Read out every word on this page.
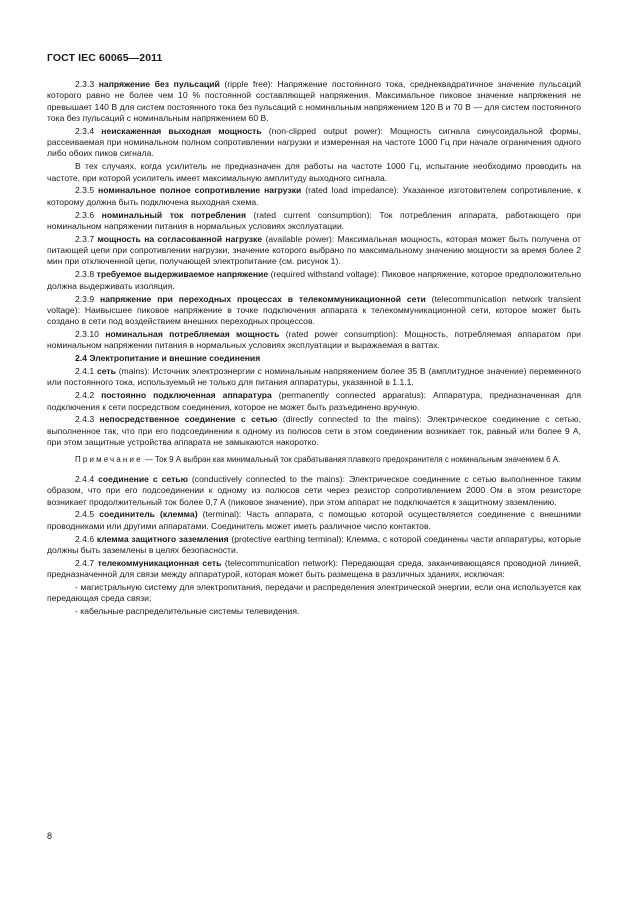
ГОСТ IEC 60065—2011

2.3.3 напряжение без пульсаций (ripple free): Напряжение постоянного тока, среднеквадратичное значение пульсаций которого равно не более чем 10 % постоянной составляющей напряжения. Максимальное пиковое значение напряжения не превышает 140 В для систем постоянного тока без пульсаций с номинальным напряжением 120 В и 70 В — для систем постоянного тока без пульсаций с номинальным напряжением 60 В.

2.3.4 неискаженная выходная мощность (non-clipped output power): Мощность сигнала синусоидальной формы, рассеиваемая при номинальном полном сопротивлении нагрузки и измеренная на частоте 1000 Гц при начале ограничения одного либо обоих пиков сигнала.

В тех случаях, когда усилитель не предназначен для работы на частоте 1000 Гц, испытание необходимо проводить на частоте, при которой усилитель имеет максимальную амплитуду выходного сигнала.

2.3.5 номинальное полное сопротивление нагрузки (rated load impedance): Указанное изготовителем сопротивление, к которому должна быть подключена выходная схема.

2.3.6 номинальный ток потребления (rated current consumption): Ток потребления аппарата, работающего при номинальном напряжении питания в нормальных условиях эксплуатации.

2.3.7 мощность на согласованной нагрузке (available power): Максимальная мощность, которая может быть получена от питающей цепи при сопротивлении нагрузки, значение которого выбрано по максимальному значению мощности за время более 2 мин при отключенной цепи, получающей электропитание (см. рисунок 1).

2.3.8 требуемое выдерживаемое напряжение (required withstand voltage): Пиковое напряжение, которое предположительно должна выдерживать изоляция.

2.3.9 напряжение при переходных процессах в телекоммуникационной сети (telecommunication network transient voltage): Наивысшее пиковое напряжение в точке подключения аппарата к телекоммуникационной сети, которое может быть создано в сети под воздействием внешних переходных процессов.

2.3.10 номинальная потребляемая мощность (rated power consumption): Мощность, потребляемая аппаратом при номинальном напряжении питания в нормальных условиях эксплуатации и выражаемая в ваттах.

2.4 Электропитание и внешние соединения

2.4.1 сеть (mains): Источник электроэнергии с номинальным напряжением более 35 В (амплитудное значение) переменного или постоянного тока, используемый не только для питания аппаратуры, указанной в 1.1.1.

2.4.2 постоянно подключенная аппаратура (permanently connected apparatus): Аппаратура, предназначенная для подключения к сети посредством соединения, которое не может быть разъединено вручную.

2.4.3 непосредственное соединение с сетью (directly connected to the mains): Электрическое соединение с сетью, выполненное так, что при его подсоединении к одному из полюсов сети в этом соединении возникает ток, равный или более 9 А, при этом защитные устройства аппарата не замыкаются накоротко.

Примечание — Ток 9 А выбран как минимальный ток срабатывания плавкого предохранителя с номинальным значением 6 А.

2.4.4 соединение с сетью (conductively connected to the mains): Электрическое соединение с сетью выполненное таким образом, что при его подсоединении к одному из полюсов сети через резистор сопротивлением 2000 Ом в этом резисторе возникает продолжительный ток более 0,7 А (пиковое значение), при этом аппарат не подключается к защитному заземлению.

2.4.5 соединитель (клемма) (terminal): Часть аппарата, с помощью которой осуществляется соединение с внешними проводниками или другими аппаратами. Соединитель может иметь различное число контактов.

2.4.6 клемма защитного заземления (protective earthing terminal): Клемма, с которой соединены части аппаратуры, которые должны быть заземлены в целях безопасности.

2.4.7 телекоммуникационная сеть (telecommunication network): Передающая среда, заканчивающаяся проводной линией, предназначенной для связи между аппаратурой, которая может быть размещена в различных зданиях, исключая:

- магистральную систему для электропитания, передачи и распределения электрической энергии, если она используется как передающая среда связи;

- кабельные распределительные системы телевидения.

8
